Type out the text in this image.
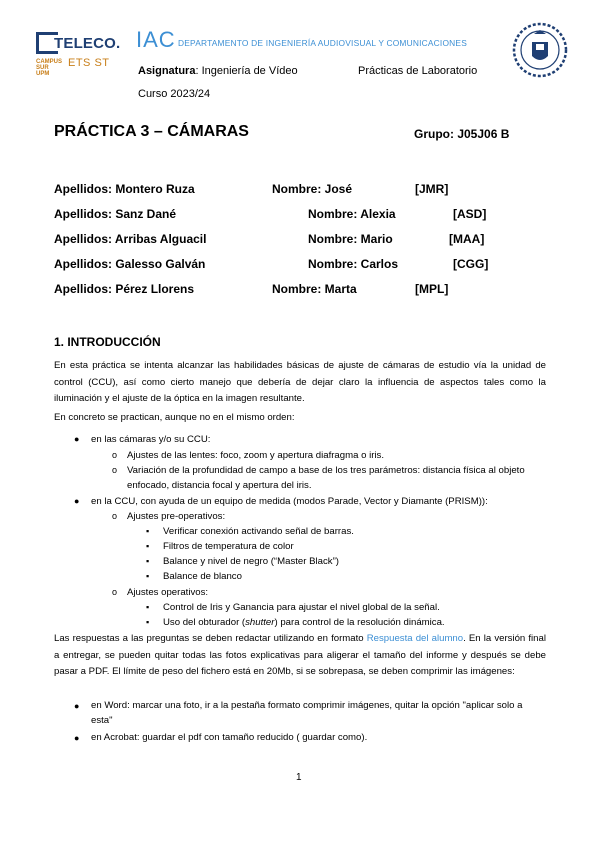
TELECO.
CAMPUS SUR UPM
ETS ST
IAC DEPARTAMENTO DE INGENIERÍA AUDIOVISUAL Y COMUNICACIONES
Asignatura: Ingeniería de Vídeo	Prácticas de Laboratorio
Curso 2023/24
PRÁCTICA 3 – CÁMARAS	Grupo: J05J06 B
Apellidos: Montero Ruza	Nombre: José	[JMR]
Apellidos: Sanz Dané	Nombre: Alexia	[ASD]
Apellidos: Arribas Alguacil	Nombre: Mario	[MAA]
Apellidos: Galesso Galván	Nombre: Carlos	[CGG]
Apellidos: Pérez Llorens	Nombre: Marta	[MPL]
1. INTRODUCCIÓN
En esta práctica se intenta alcanzar las habilidades básicas de ajuste de cámaras de estudio vía la unidad de control (CCU), así como cierto manejo que debería de dejar claro la influencia de aspectos tales como la iluminación y el ajuste de la óptica en la imagen resultante.
En concreto se practican, aunque no en el mismo orden:
● en las cámaras y/o su CCU:
o Ajustes de las lentes: foco, zoom y apertura diafragma o iris.
o Variación de la profundidad de campo a base de los tres parámetros: distancia física al objeto
enfocado, distancia focal y apertura del iris.
● en la CCU, con ayuda de un equipo de medida (modos Parade, Vector y Diamante (PRISM)):
o Ajustes pre-operativos:
▪ Verificar conexión activando señal de barras.
▪ Filtros de temperatura de color
▪ Balance y nivel de negro (“Master Black”)
▪ Balance de blanco
o Ajustes operativos:
▪ Control de Iris y Ganancia para ajustar el nivel global de la señal.
▪ Uso del obturador (shutter) para control de la resolución dinámica.
Las respuestas a las preguntas se deben redactar utilizando en formato Respuesta del alumno. En la versión final a entregar, se pueden quitar todas las fotos explicativas para aligerar el tamaño del informe y después se debe pasar a PDF. El límite de peso del fichero está en 20Mb, si se sobrepasa, se deben comprimir las imágenes:
● en Word: marcar una foto, ir a la pestaña formato comprimir imágenes, quitar la opción "aplicar solo a esta"
● en Acrobat: guardar el pdf con tamaño reducido ( guardar como).
1
